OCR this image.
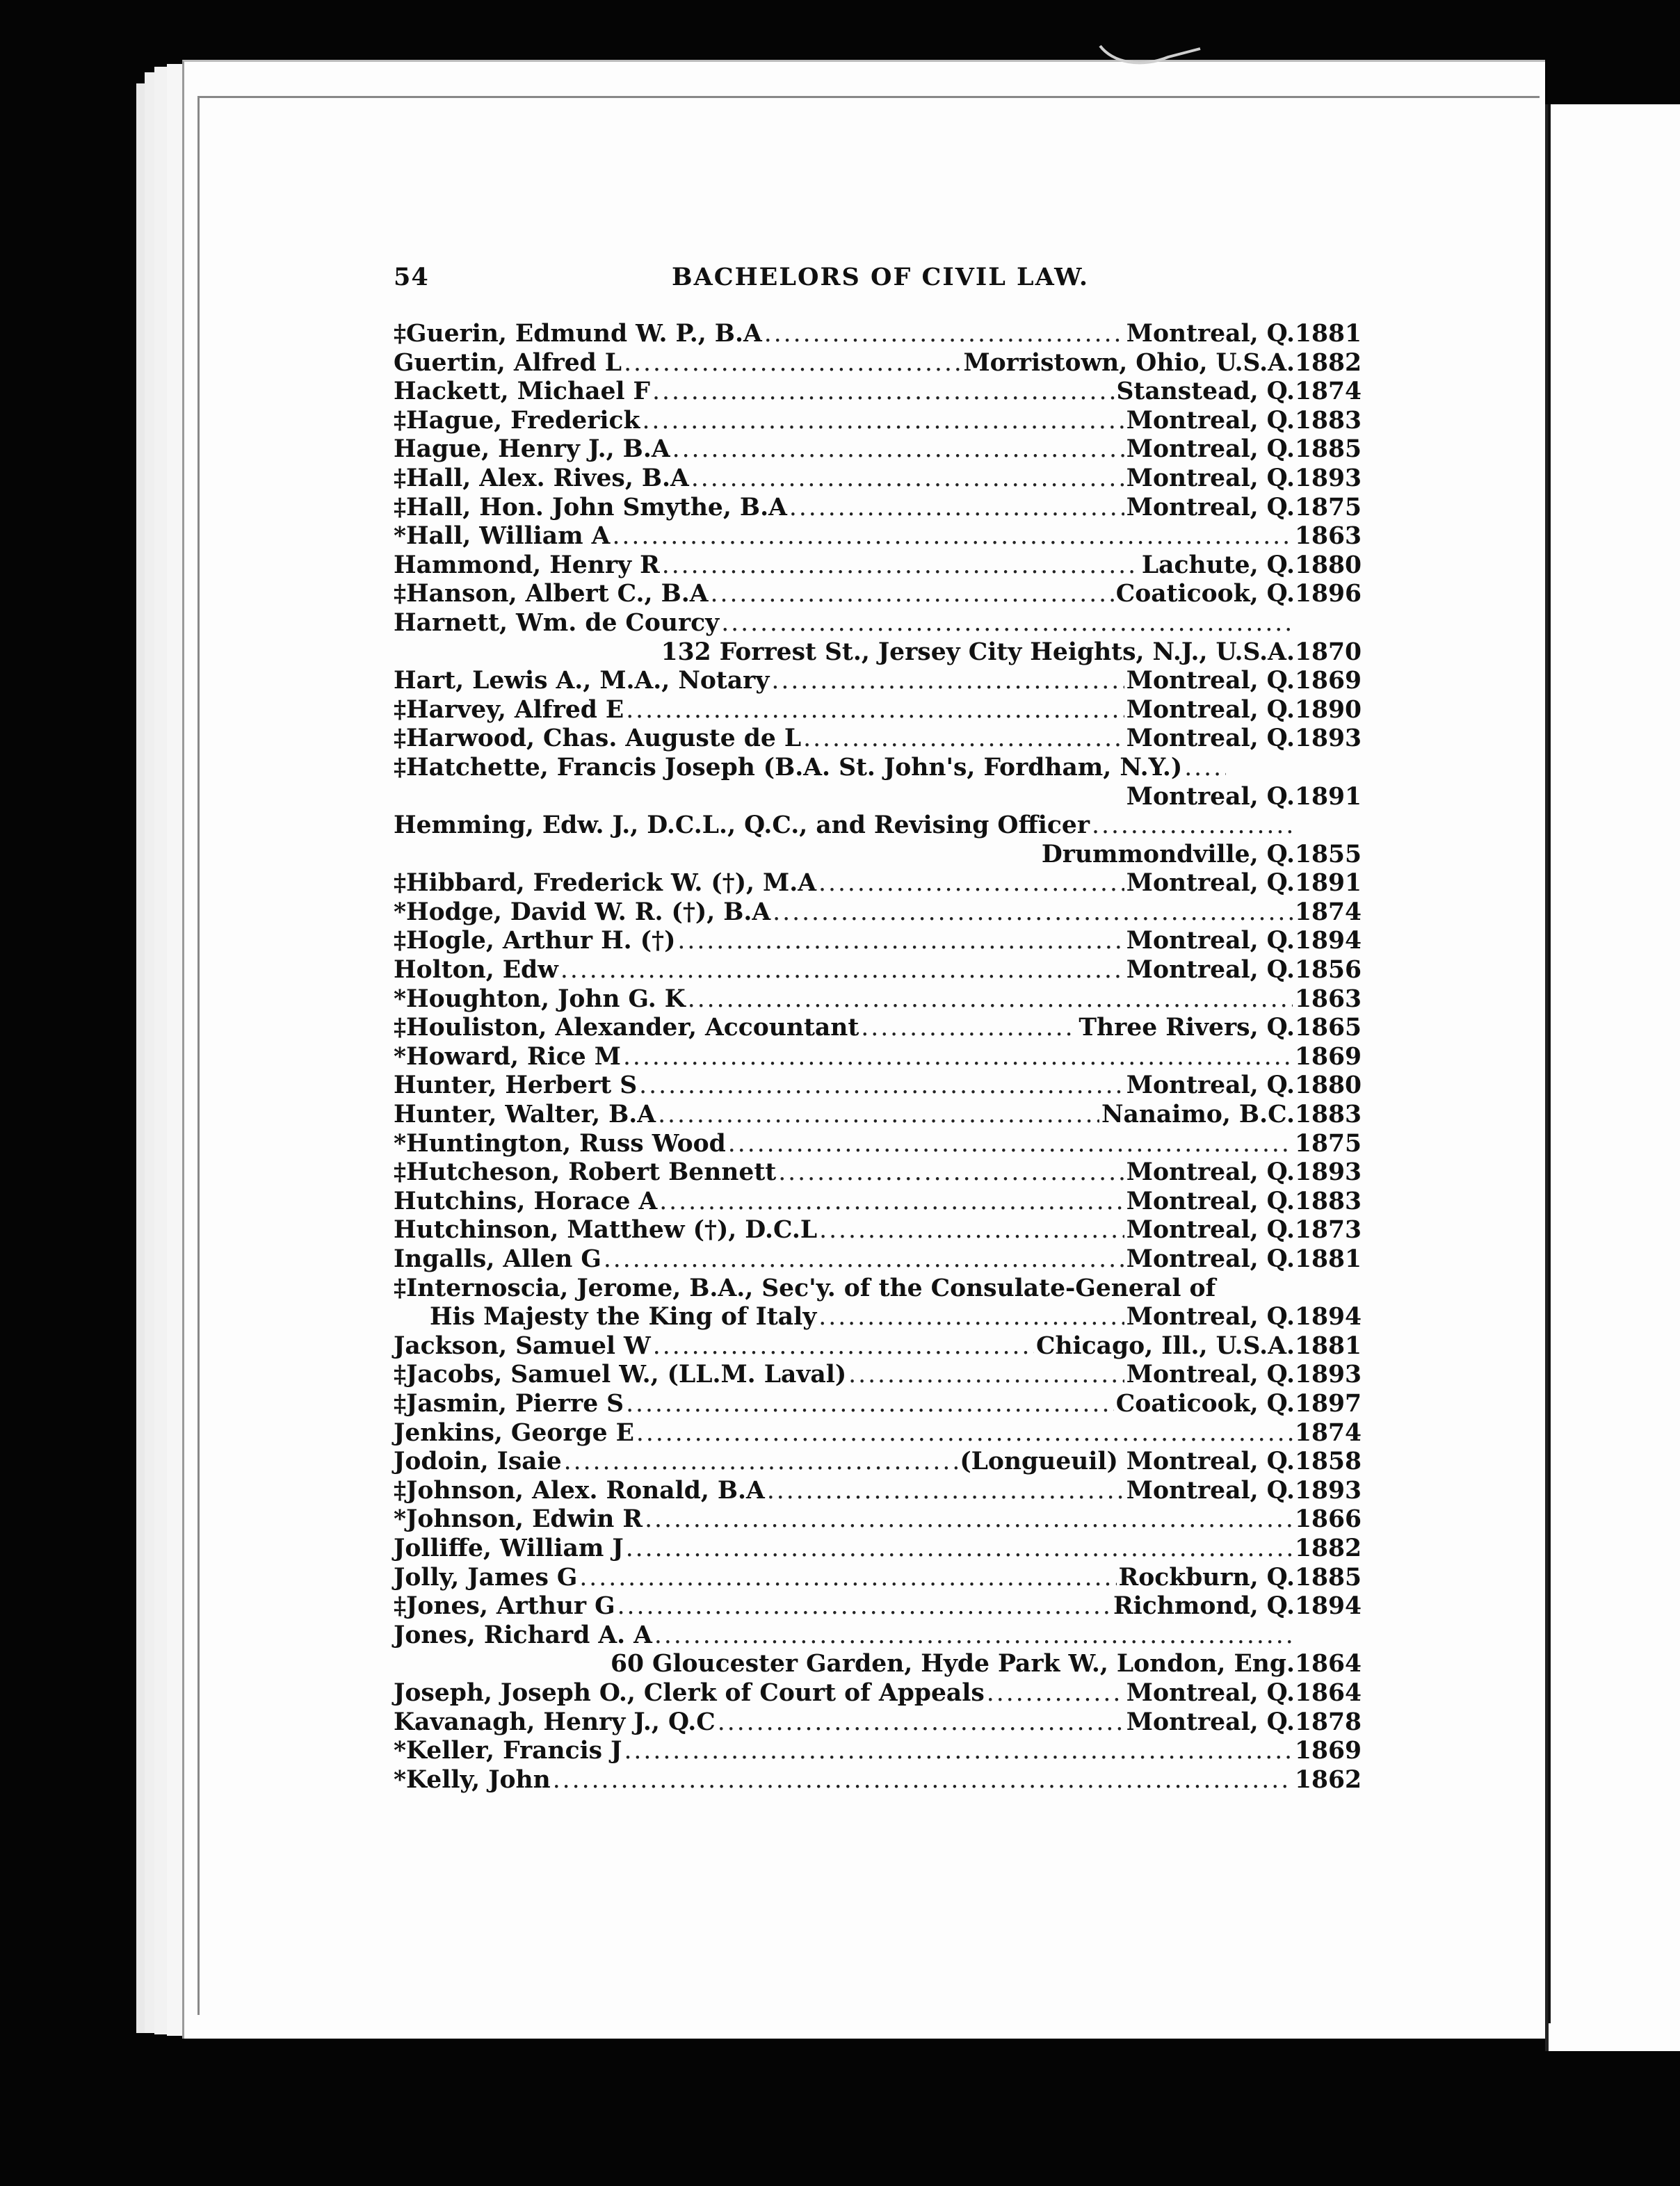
54	BACHELORS OF CIVIL LAW.
‡Guerin, Edmund W. P., B.A .....	Montreal, Q. 1881
Guertin, Alfred L .....	Morristown, Ohio, U.S.A. 1882
Hackett, Michael F .....	Stanstead, Q. 1874
‡Hague, Frederick .....	Montreal, Q. 1883
Hague, Henry J., B.A .....	Montreal, Q. 1885
‡Hall, Alex. Rives, B.A .....	Montreal, Q. 1893
‡Hall, Hon. John Smythe, B.A .....	Montreal, Q. 1875
*Hall, William A .....	1863
Hammond, Henry R .....	Lachute, Q. 1880
‡Hanson, Albert C., B.A .....	Coaticook, Q. 1896
Harnett, Wm. de Courcy
.....
132 Forrest St., Jersey City Heights, N.J., U.S.A. 1870
Hart, Lewis A., M.A., Notary .....	Montreal, Q. 1869
‡Harvey, Alfred E .....	Montreal, Q. 1890
‡Harwood, Chas. Auguste de L .....	Montreal, Q. 1893
‡Hatchette, Francis Joseph (B.A. St. John's, Fordham, N.Y.)
.....
Montreal, Q. 1891
Hemming, Edw. J., D.C.L., Q.C., and Revising Officer
.....
Drummondville, Q. 1855
‡Hibbard, Frederick W. (†), M.A .....	Montreal, Q. 1891
*Hodge, David W. R. (†), B.A .....	1874
‡Hogle, Arthur H. (†) .....	Montreal, Q. 1894
Holton, Edw .....	Montreal, Q. 1856
*Houghton, John G. K .....	1863
‡Houliston, Alexander, Accountant .....	Three Rivers, Q. 1865
*Howard, Rice M .....	1869
Hunter, Herbert S .....	Montreal, Q. 1880
Hunter, Walter, B.A .....	Nanaimo, B.C. 1883
*Huntington, Russ Wood .....	1875
‡Hutcheson, Robert Bennett .....	Montreal, Q. 1893
Hutchins, Horace A .....	Montreal, Q. 1883
Hutchinson, Matthew (†), D.C.L .....	Montreal, Q. 1873
Ingalls, Allen G .....	Montreal, Q. 1881
‡Internoscia, Jerome, B.A., Sec'y. of the Consulate-General of
His Majesty the King of Italy .....	Montreal, Q. 1894
Jackson, Samuel W .....	Chicago, Ill., U.S.A. 1881
‡Jacobs, Samuel W., (LL.M. Laval) .....	Montreal, Q. 1893
‡Jasmin, Pierre S .....	Coaticook, Q. 1897
Jenkins, George E .....	1874
Jodoin, Isaie .....	(Longueuil) Montreal, Q. 1858
‡Johnson, Alex. Ronald, B.A .....	Montreal, Q. 1893
*Johnson, Edwin R .....	1866
Jolliffe, William J .....	1882
Jolly, James G .....	Rockburn, Q. 1885
‡Jones, Arthur G .....	Richmond, Q. 1894
Jones, Richard A. A
.....
60 Gloucester Garden, Hyde Park W., London, Eng. 1864
Joseph, Joseph O., Clerk of Court of Appeals .....	Montreal, Q. 1864
Kavanagh, Henry J., Q.C .....	Montreal, Q. 1878
*Keller, Francis J .....	1869
*Kelly, John .....	1862
